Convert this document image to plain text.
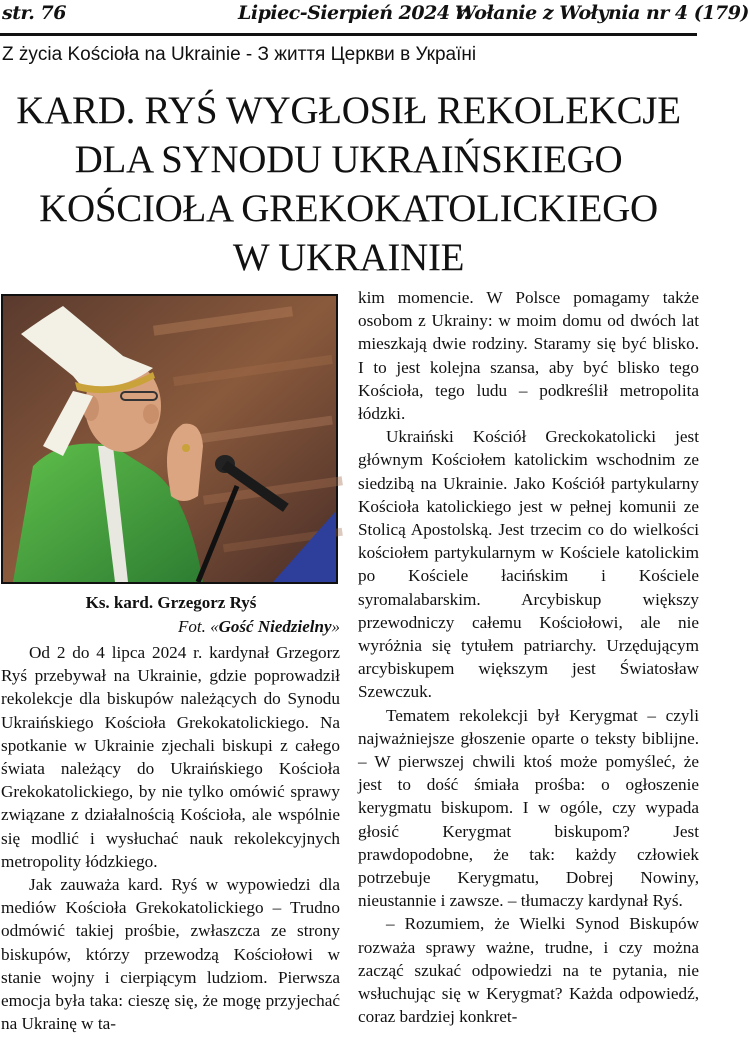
str. 76	Lipiec-Sierpień 2024 r.
Wołanie z Wołynia nr 4 (179)
Z życia Kościoła na Ukrainie - З життя Церкви в Україні
KARD. RYŚ WYGŁOSIŁ REKOLEKCJE
DLA SYNODU UKRAIŃSKIEGO
KOŚCIOŁA GREKOKATOLICKIEGO
W UKRAINIE
Ks. kard. Grzegorz Ryś
Fot. «Gość Niedzielny»

Od 2 do 4 lipca 2024 r. kardynał Grzegorz Ryś przebywał na Ukrainie, gdzie poprowadził rekolekcje dla biskupów należących do Synodu Ukraińskiego Kościoła Grekokatolickiego. Na spotkanie w Ukrainie zjechali biskupi z całego świata należący do Ukraińskiego Kościoła Grekokatolickiego, by nie tylko omówić sprawy związane z działalnością Kościoła, ale wspólnie się modlić i wysłuchać nauk rekolekcyjnych metropolity łódzkiego.

Jak zauważa kard. Ryś w wypowiedzi dla mediów Kościoła Grekokatolickiego – Trudno odmówić takiej prośbie, zwłaszcza ze strony biskupów, którzy przewodzą Kościołowi w stanie wojny i cierpiącym ludziom. Pierwsza emocja była taka: cieszę się, że mogę przyjechać na Ukrainę w ta-

kim momencie. W Polsce pomagamy także osobom z Ukrainy: w moim domu od dwóch lat mieszkają dwie rodziny. Staramy się być blisko. I to jest kolejna szansa, aby być blisko tego Kościoła, tego ludu – podkreślił metropolita łódzki.

Ukraiński Kościół Greckokatolicki jest głównym Kościołem katolickim wschodnim ze siedzibą na Ukrainie. Jako Kościół partykularny Kościoła katolickiego jest w pełnej komunii ze Stolicą Apostolską. Jest trzecim co do wielkości kościołem partykularnym w Kościele katolickim po Kościele łacińskim i Kościele syromalabarskim. Arcybiskup większy przewodniczy całemu Kościołowi, ale nie wyróżnia się tytułem patriarchy. Urzędującym arcybiskupem większym jest Światosław Szewczuk.

Tematem rekolekcji był Kerygmat – czyli najważniejsze głoszenie oparte o teksty biblijne. – W pierwszej chwili ktoś może pomyśleć, że jest to dość śmiała prośba: o ogłoszenie kerygmatu biskupom. I w ogóle, czy wypada głosić Kerygmat biskupom? Jest prawdopodobne, że tak: każdy człowiek potrzebuje Kerygmatu, Dobrej Nowiny, nieustannie i zawsze. – tłumaczy kardynał Ryś.

– Rozumiem, że Wielki Synod Biskupów rozważa sprawy ważne, trudne, i czy można zacząć szukać odpowiedzi na te pytania, nie wsłuchując się w Kerygmat? Każda odpowiedź, coraz bardziej konkret-
